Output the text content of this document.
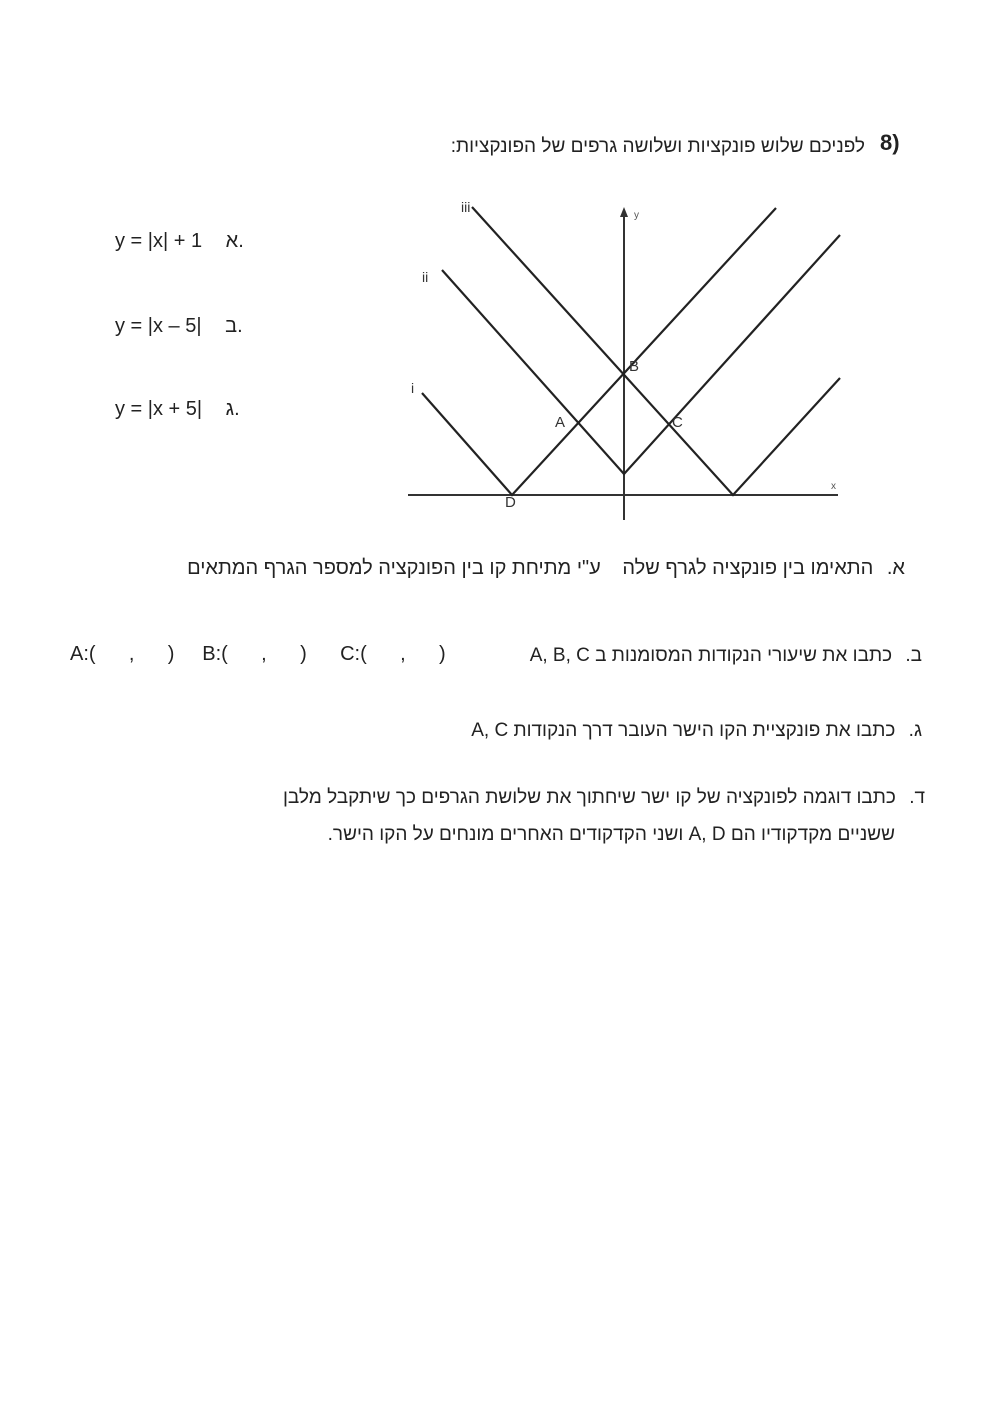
8)
לפניכם שלוש פונקציות ושלושה גרפים של הפונקציות:
y = |x| + 1 א.
y = |x – 5| ב.
y = |x + 5| ג.
x
y
iii
ii
i
B
A	C
D
א. התאימו בין פונקציה לגרף שלה ע"י מתיחת קו בין הפונקציה למספר הגרף המתאים
ב. כתבו את שיעורי הנקודות המסומנות ב A, B, C
A:(      ,      ) B:(      ,      ) C:(      ,      )
ג. כתבו את פונקציית הקו הישר העובר דרך הנקודות A, C
ד. כתבו דוגמה לפונקציה של קו ישר שיחתוך את שלושת הגרפים כך שיתקבל מלבן
ששניים מקדקודיו הם A, D ושני הקדקודים האחרים מונחים על הקו הישר.
